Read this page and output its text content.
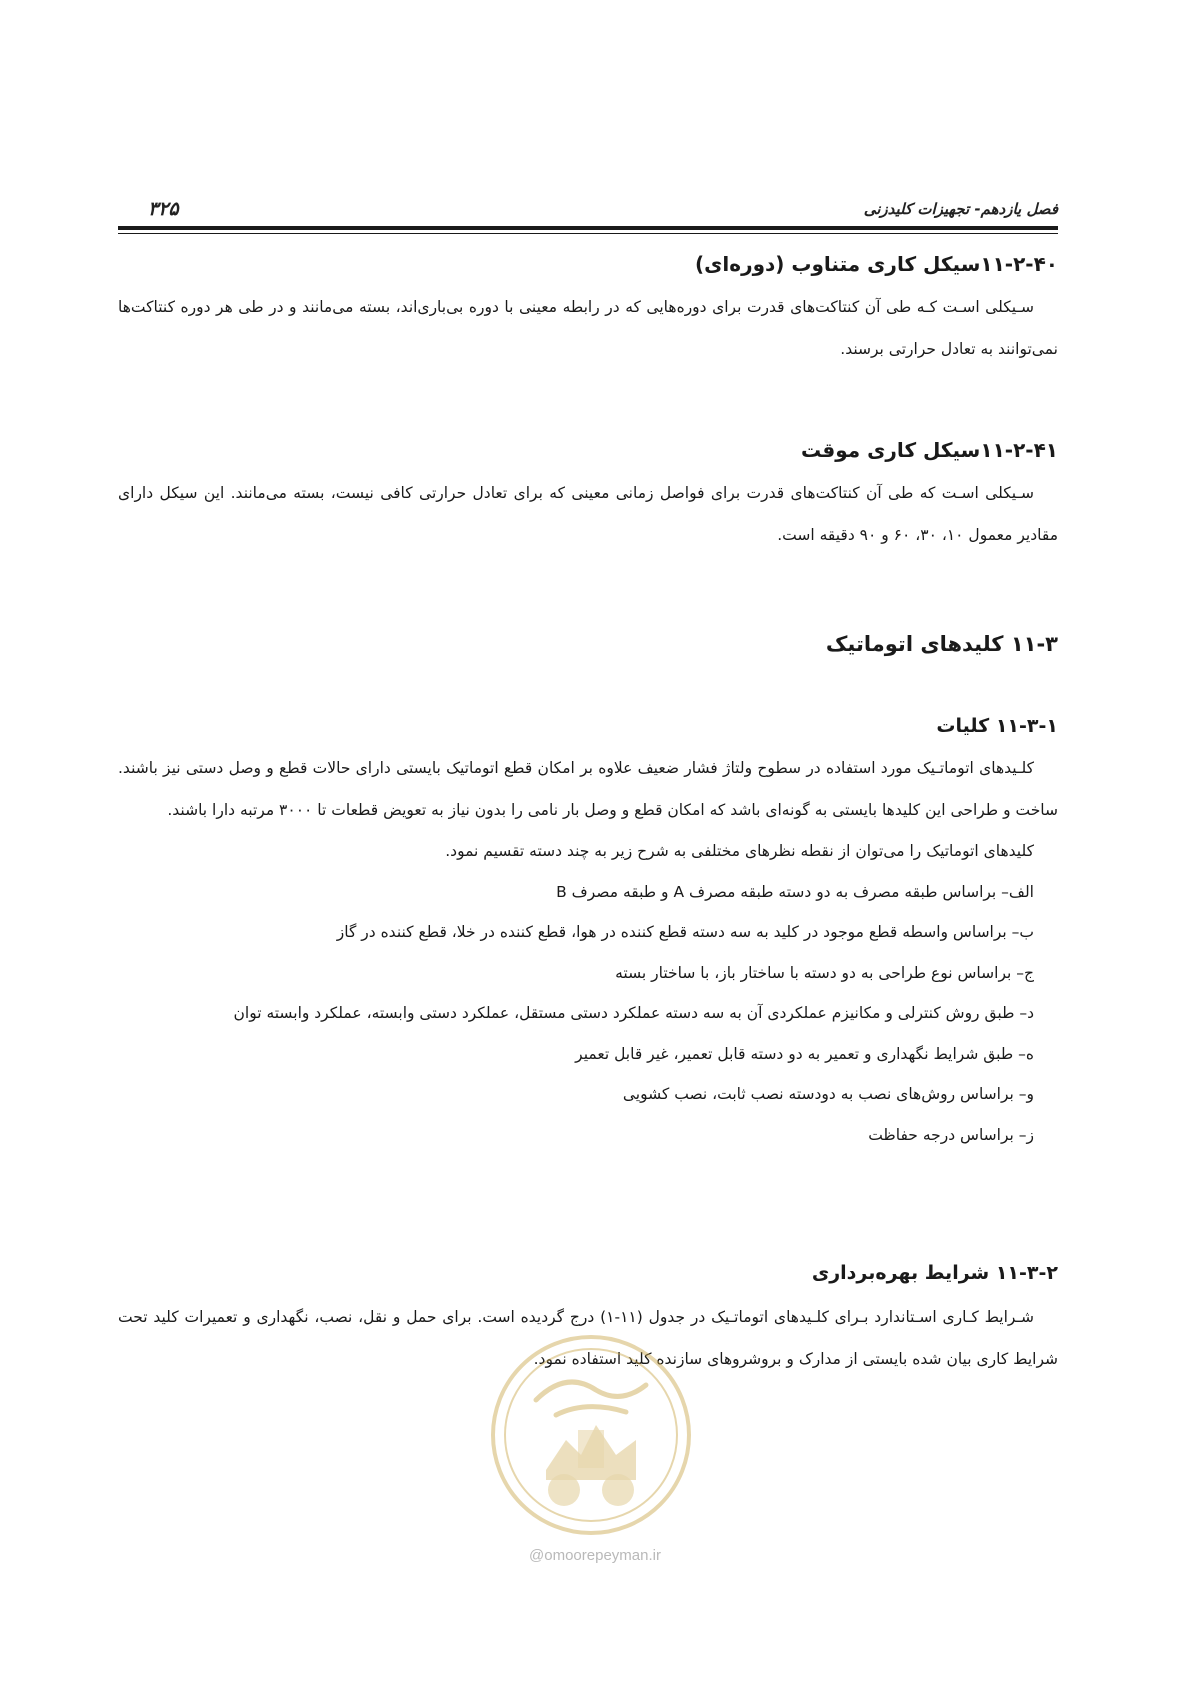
فصل یازدهم- تجهیزات کلیدزنی
۳۲۵
۱۱-۲-۴۰سیکل کاری متناوب (دوره‌ای)

سـیکلی اسـت کـه طی آن کنتاکت‌های قدرت برای دوره‌هایی که در رابطه معینی با دوره بی‌باری‌اند، بسته می‌مانند و در طی هر دوره کنتاکت‌ها نمی‌توانند به تعادل حرارتی برسند.

۱۱-۲-۴۱سیکل کاری موقت

سـیکلی اسـت که طی آن کنتاکت‌های قدرت برای فواصل زمانی معینی که برای تعادل حرارتی کافی نیست، بسته می‌مانند. این سیکل دارای مقادیر معمول ۱۰، ۳۰، ۶۰ و ۹۰ دقیقه است.

۱۱-۳ کلیدهای اتوماتیک
۱۱-۳-۱ کلیات

کلـیدهای اتوماتـیک مورد استفاده در سطوح ولتاژ فشار ضعیف علاوه بر امکان قطع اتوماتیک بایستی دارای حالات قطع و وصل دستی نیز باشند. ساخت و طراحی این کلیدها بایستی به گونه‌ای باشد که امکان قطع و وصل بار نامی را بدون نیاز به تعویض قطعات تا ۳۰۰۰ مرتبه دارا باشند.

کلیدهای اتوماتیک را می‌توان از نقطه نظرهای مختلفی به شرح زیر به چند دسته تقسیم نمود.
الف– براساس طبقه مصرف به دو دسته طبقه مصرف A و طبقه مصرف B
ب– براساس واسطه قطع موجود در کلید به سه دسته قطع کننده در هوا، قطع کننده در خلا، قطع کننده در گاز
ج– براساس نوع طراحی به دو دسته با ساختار باز، با ساختار بسته
د– طبق روش کنترلی و مکانیزم عملکردی آن به سه دسته عملکرد دستی مستقل، عملکرد دستی وابسته، عملکرد وابسته توان
ه– طبق شرایط نگهداری و تعمیر به دو دسته قابل تعمیر، غیر قابل تعمیر
و– براساس روش‌های نصب به دودسته نصب ثابت، نصب کشویی
ز– براساس درجه حفاظت
۱۱-۳-۲ شرایط بهره‌برداری

شـرایط کـاری اسـتاندارد بـرای کلـیدهای اتوماتـیک در جدول (۱۱-۱) درج گردیده است. برای حمل و نقل، نصب، نگهداری و تعمیرات کلید تحت شرایط کاری بیان شده بایستی از مدارک و بروشروهای سازنده کلید استفاده نمود.

@omoorepeyman.ir
